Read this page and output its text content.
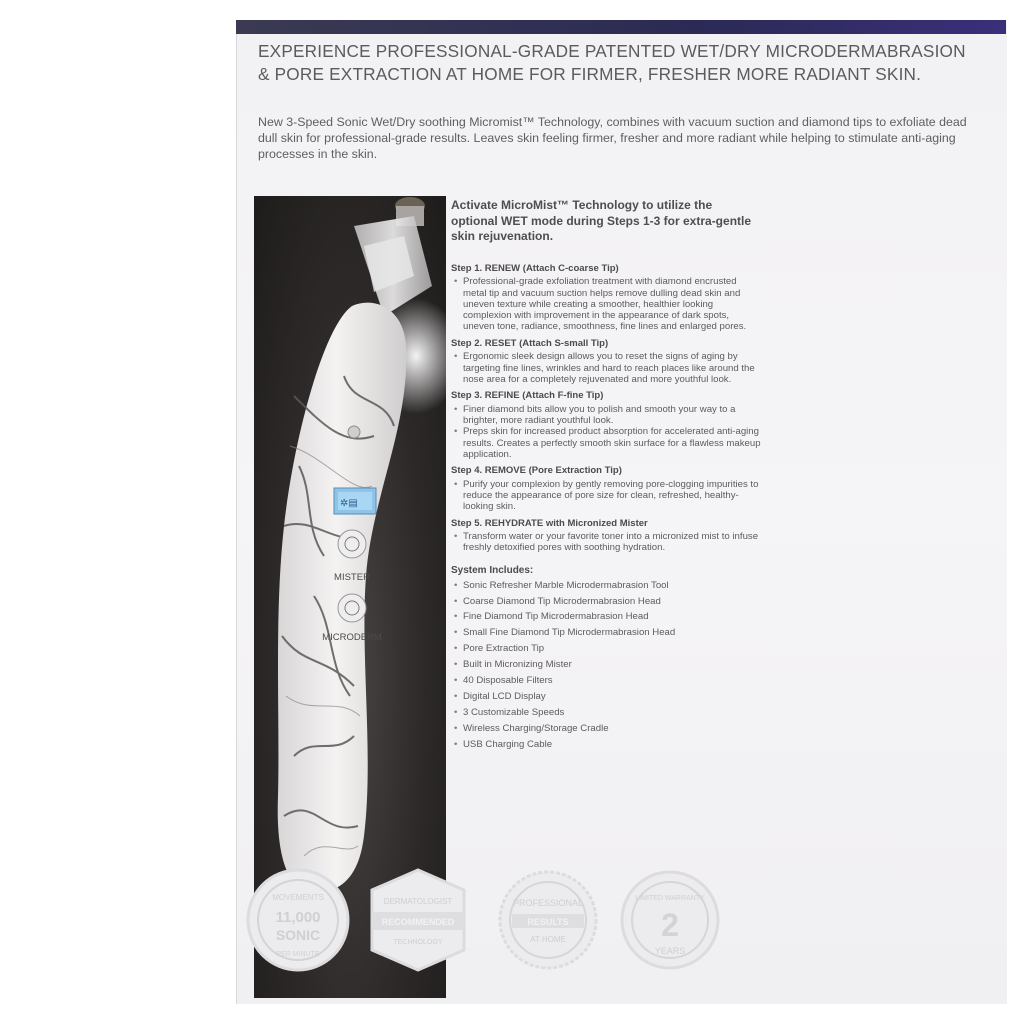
EXPERIENCE PROFESSIONAL-GRADE PATENTED WET/DRY MICRODERMABRASION & PORE EXTRACTION AT HOME FOR FIRMER, FRESHER MORE RADIANT SKIN.

New 3-Speed Sonic Wet/Dry soothing Micromist™ Technology, combines with vacuum suction and diamond tips to exfoliate dead dull skin for professional-grade results. Leaves skin feeling firmer, fresher and more radiant while helping to stimulate anti-aging processes in the skin.

✲▤
MISTER
MICRODERM

Activate MicroMist™ Technology to utilize the optional WET mode during Steps 1-3 for extra-gentle skin rejuvenation.

Step 1. RENEW (Attach C-coarse Tip)
• Professional-grade exfoliation treatment with diamond encrusted metal tip and vacuum suction helps remove dulling dead skin and uneven texture while creating a smoother, healthier looking complexion with improvement in the appearance of dark spots, uneven tone, radiance, smoothness, fine lines and enlarged pores.
Step 2. RESET (Attach S-small Tip)
• Ergonomic sleek design allows you to reset the signs of aging by targeting fine lines, wrinkles and hard to reach places like around the nose area for a completely rejuvenated and more youthful look.
Step 3. REFINE (Attach F-fine Tip)
• Finer diamond bits allow you to polish and smooth your way to a brighter, more radiant youthful look.
• Preps skin for increased product absorption for accelerated anti-aging results. Creates a perfectly smooth skin surface for a flawless makeup application.
Step 4. REMOVE (Pore Extraction Tip)
• Purify your complexion by gently removing pore-clogging impurities to reduce the appearance of pore size for clean, refreshed, healthy-looking skin.
Step 5. REHYDRATE with Micronized Mister
• Transform water or your favorite toner into a micronized mist to infuse freshly detoxified pores with soothing hydration.
System Includes:
• Sonic Refresher Marble Microdermabrasion Tool
• Coarse Diamond Tip Microdermabrasion Head
• Fine Diamond Tip Microdermabrasion Head
• Small Fine Diamond Tip Microdermabrasion Head
• Pore Extraction Tip
• Built in Micronizing Mister
• 40 Disposable Filters
• Digital LCD Display
• 3 Customizable Speeds
• Wireless Charging/Storage Cradle
• USB Charging Cable
MOVEMENTS
11,000
SONIC
PER MINUTE
DERMATOLOGIST
RECOMMENDED
TECHNOLOGY
PROFESSIONAL
RESULTS
AT HOME
LIMITED WARRANTY
2
YEARS
